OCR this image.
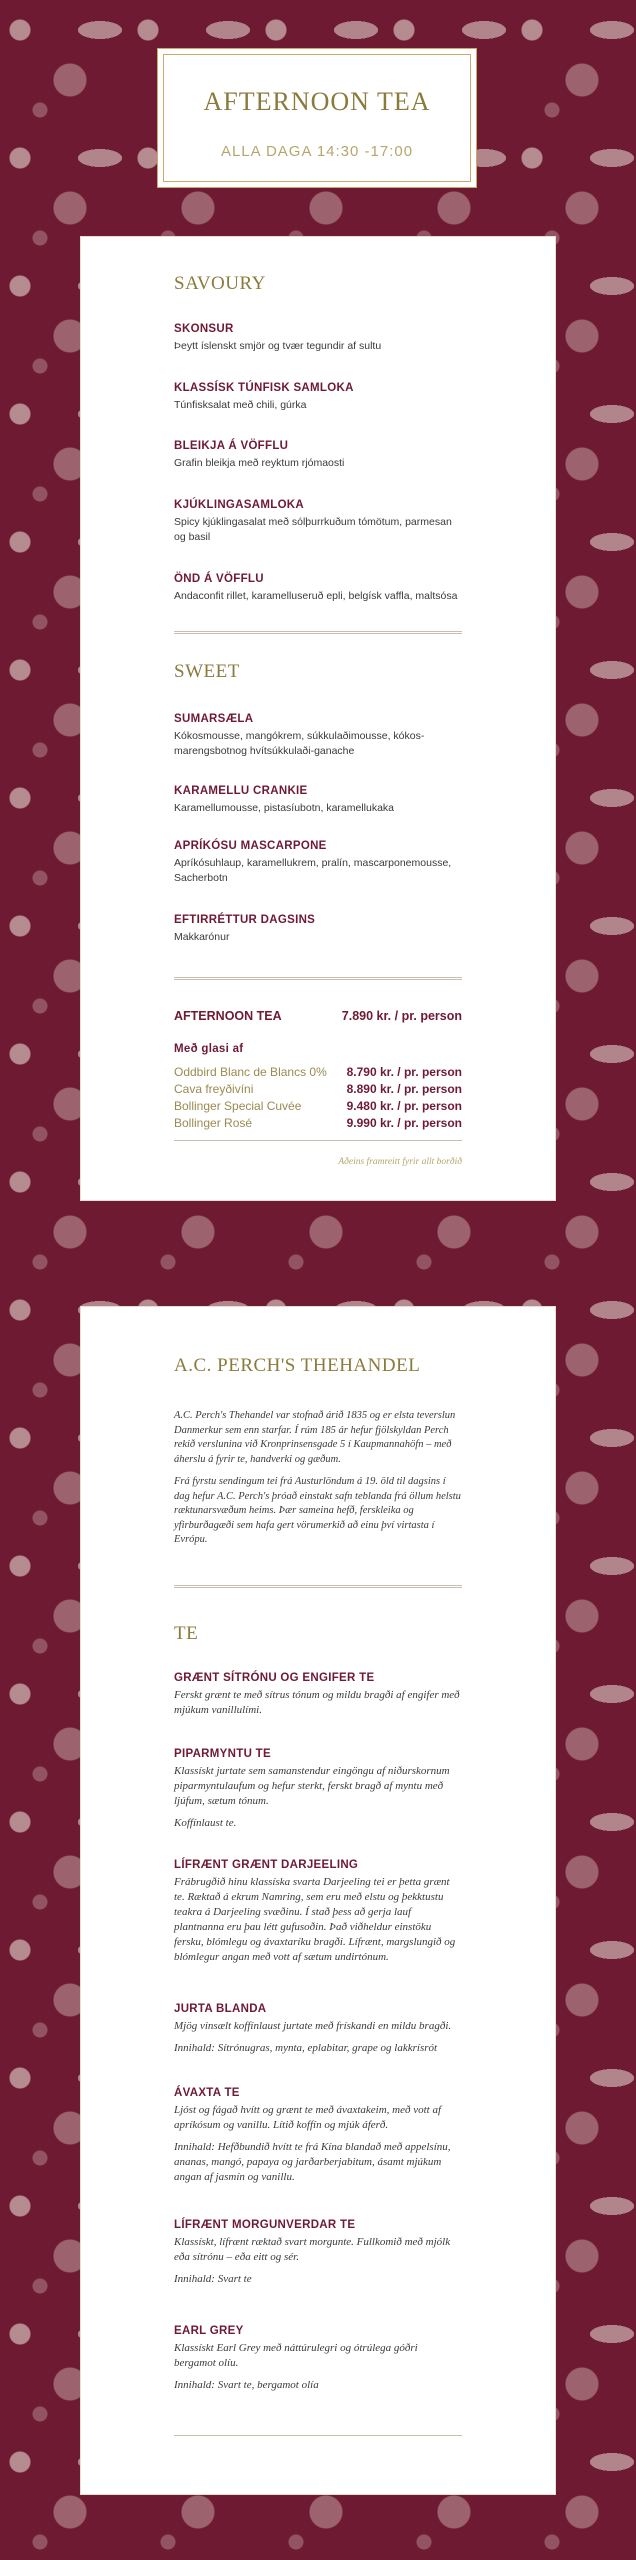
AFTERNOON TEA

ALLA DAGA 14:30 -17:00

SAVOURY
SKONSUR
Þeytt íslenskt smjör og tvær tegundir af sultu
KLASSÍSK TÚNFISK SAMLOKA
Túnfisksalat með chili, gúrka
BLEIKJA Á VÖFFLU
Grafin bleikja með reyktum rjómaosti
KJÚKLINGASAMLOKA
Spicy kjúklingasalat með sólþurrkuðum tómötum, parmesan og basil
ÖND Á VÖFFLU
Andaconfit rillet, karamelluseruð epli, belgísk vaffla, maltsósa
SWEET
SUMARSÆLA
Kókosmousse, mangókrem, súkkulaðimousse, kókos-marengsbotnog hvítsúkkulaði-ganache
KARAMELLU CRANKIE
Karamellumousse, pistasíubotn, karamellukaka
APRÍKÓSU MASCARPONE
Apríkósuhlaup, karamellukrem, pralín, mascarponemousse, Sacherbotn
EFTIRRÉTTUR DAGSINS
Makkarónur
AFTERNOON TEA	7.890 kr. / pr. person
Með glasi af
Oddbird Blanc de Blancs 0% 8.790 kr. / pr. person
Cava freyðivíni	8.890 kr. / pr. person
Bollinger Special Cuvée	9.480 kr. / pr. person
Bollinger Rosé	9.990 kr. / pr. person
Aðeins framreitt fyrir allt borðið
A.C. PERCH'S THEHANDEL

A.C. Perch's Thehandel var stofnað árið 1835 og er elsta teverslun Danmerkur sem enn starfar. Í rúm 185 ár hefur fjölskyldan Perch rekið verslunina við Kronprinsensgade 5 í Kaupmannahöfn – með áherslu á fyrir te, handverki og gæðum.

Frá fyrstu sendingum tei frá Austurlöndum á 19. öld til dagsins í dag hefur A.C. Perch's þróað einstakt safn teblanda frá öllum helstu ræktunarsvæðum heims. Þær sameina hefð, ferskleika og yfirburðagæði sem hafa gert vörumerkið að einu því virtasta í Evrópu.

TE
GRÆNT SÍTRÓNU OG ENGIFER TE

Ferskt grænt te með sítrus tónum og mildu bragði af engifer með mjúkum vanillulími.

PIPARMYNTU TE

Klassískt jurtate sem samanstendur eingöngu af niðurskornum piparmyntulaufum og hefur sterkt, ferskt bragð af myntu með ljúfum, sætum tónum.

Koffínlaust te.

LÍFRÆNT GRÆNT DARJEELING

Frábrugðið hinu klassíska svarta Darjeeling tei er þetta grænt te. Ræktað á ekrum Namring, sem eru með elstu og þekktustu teakra á Darjeeling svæðinu. Í stað þess að gerja lauf plantnanna eru þau létt gufusoðin. Það viðheldur einstöku fersku, blómlegu og ávaxtaríku bragði. Lífrænt, margslungið og blómlegur angan með vott af sætum undirtónum.

JURTA BLANDA

Mjög vinsælt koffínlaust jurtate með frískandi en mildu bragði.

Innihald: Sítrónugras, mynta, eplabitar, grape og lakkrísrót

ÁVAXTA TE

Ljóst og fágað hvítt og grænt te með ávaxtakeim, með vott af apríkósum og vanillu. Lítið koffín og mjúk áferð.

Innihald: Hefðbundið hvítt te frá Kína blandað með appelsínu, ananas, mangó, papaya og jarðarberjabitum, ásamt mjúkum angan af jasmín og vanillu.

LÍFRÆNT MORGUNVERDAR TE

Klassískt, lífrænt ræktað svart morgunte. Fullkomið með mjólk eða sítrónu – eða eitt og sér.

Innihald: Svart te

EARL GREY

Klassískt Earl Grey með náttúrulegri og ótrúlega góðri bergamot olíu.

Innihald: Svart te, bergamot olía
